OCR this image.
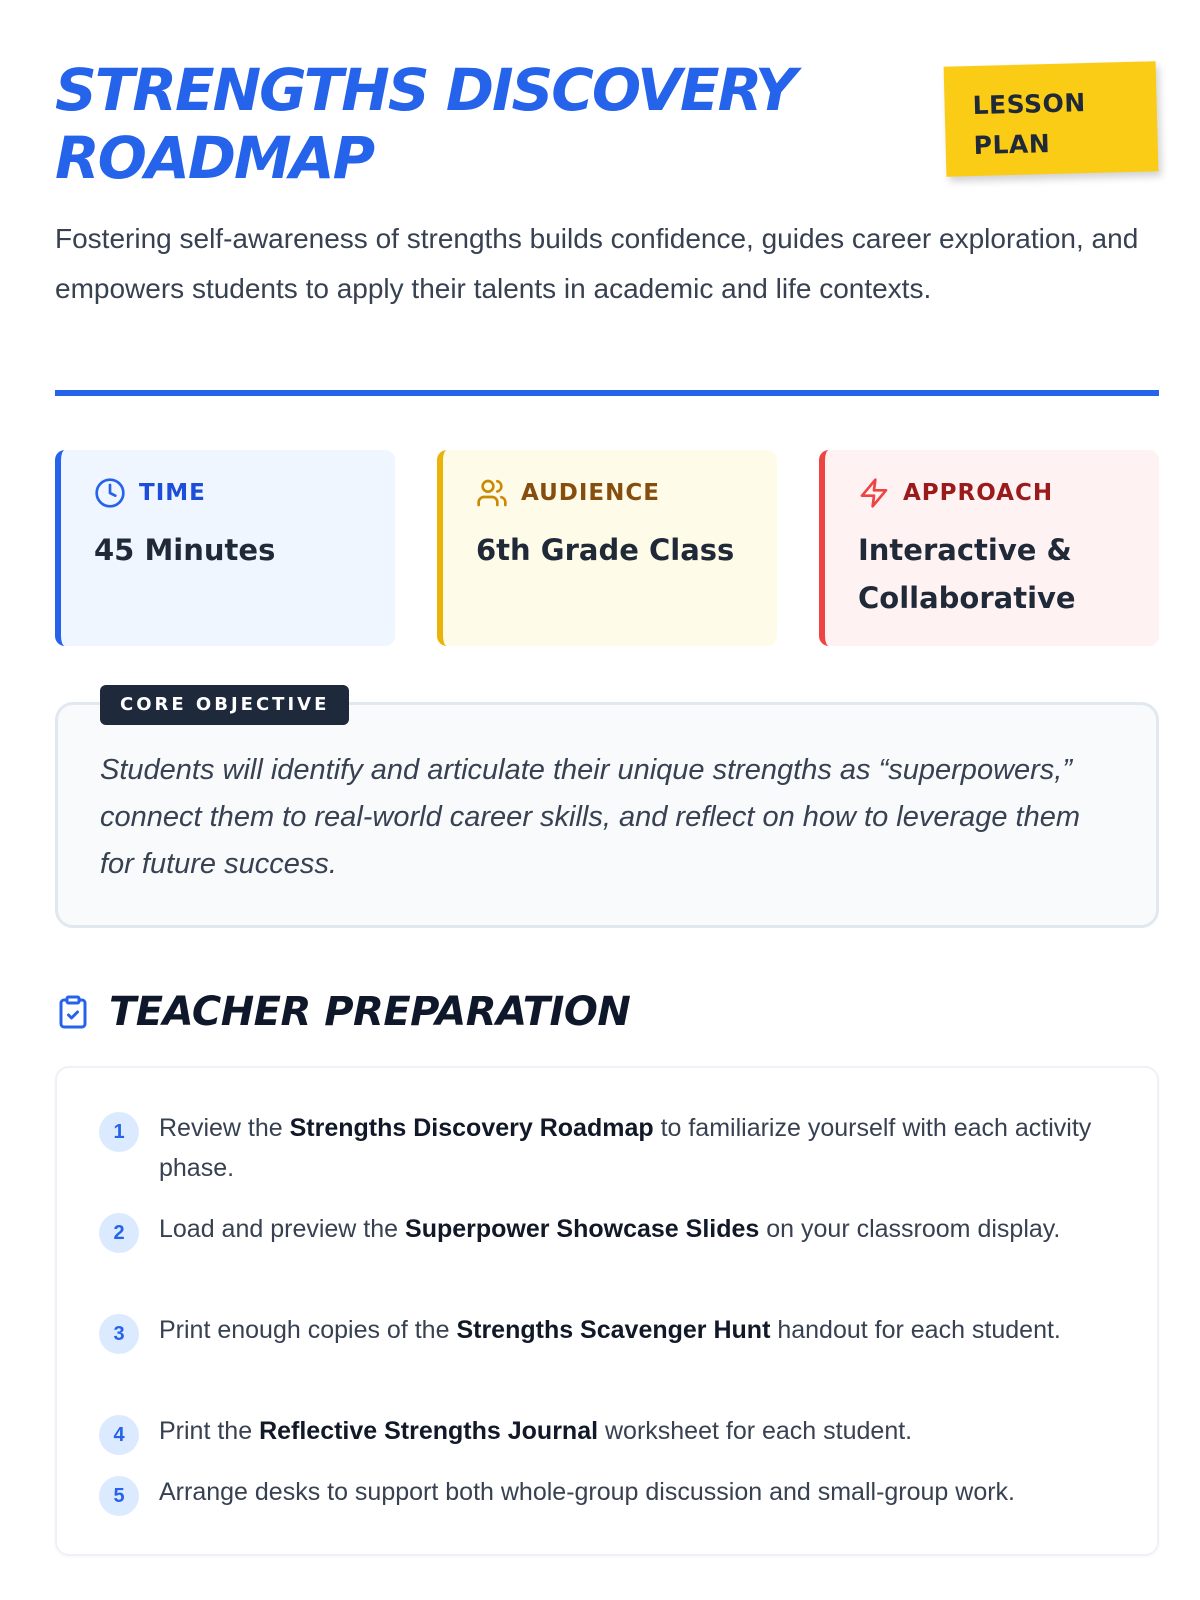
STRENGTHS DISCOVERY ROADMAP
LESSON
PLAN

Fostering self-awareness of strengths builds confidence, guides career exploration, and empowers students to apply their talents in academic and life contexts.

TIME
45 Minutes
AUDIENCE
6th Grade Class
APPROACH
Interactive & Collaborative
CORE OBJECTIVE

Students will identify and articulate their unique strengths as “superpowers,” connect them to real-world career skills, and reflect on how to leverage them for future success.

TEACHER PREPARATION
1	Review the Strengths Discovery Roadmap to familiarize yourself with each activity phase.
2	Load and preview the Superpower Showcase Slides on your classroom display.
3	Print enough copies of the Strengths Scavenger Hunt handout for each student.
4	Print the Reflective Strengths Journal worksheet for each student.
5	Arrange desks to support both whole-group discussion and small-group work.
